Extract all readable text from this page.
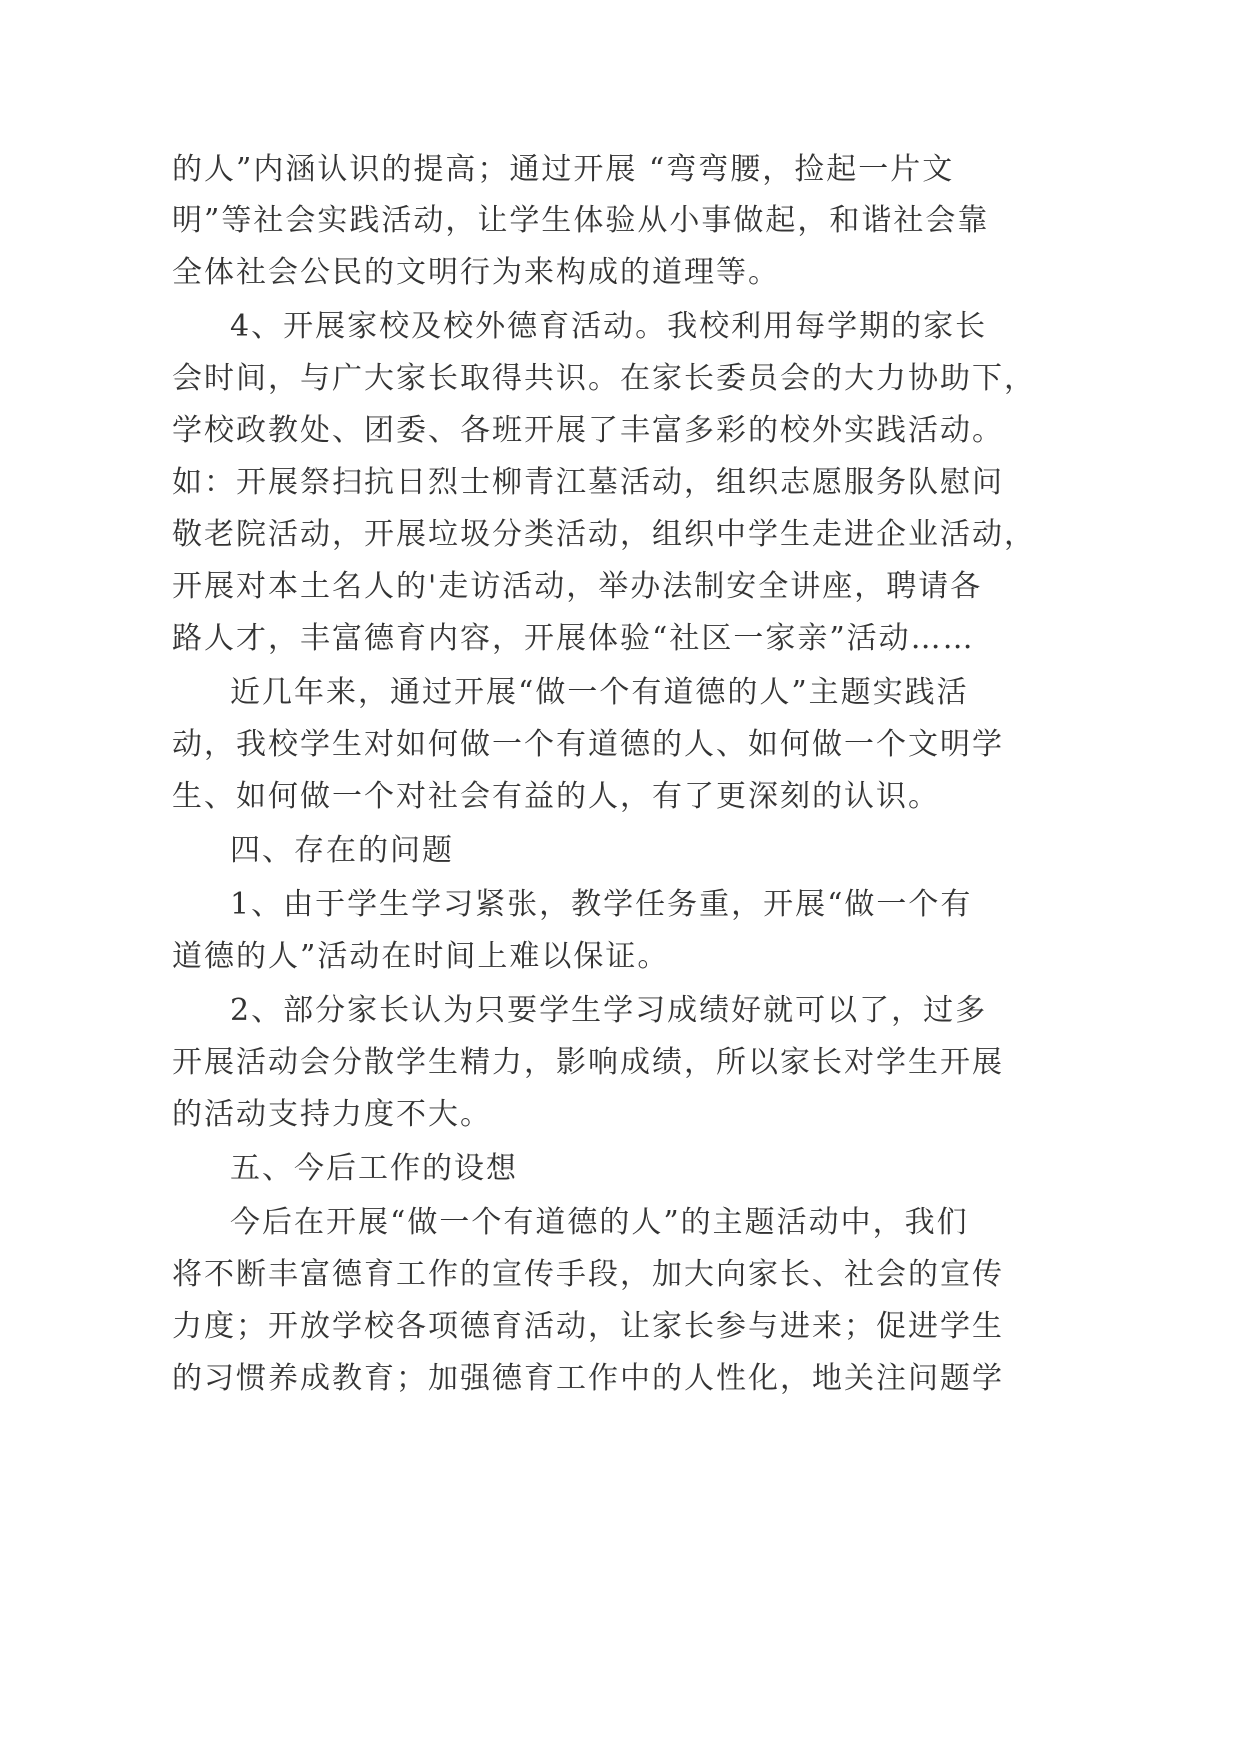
的人”内涵认识的提高；通过开展 “弯弯腰，捡起一片文
明”等社会实践活动，让学生体验从小事做起，和谐社会靠
全体社会公民的文明行为来构成的道理等。
4、开展家校及校外德育活动。我校利用每学期的家长
会时间，与广大家长取得共识。在家长委员会的大力协助下，
学校政教处、团委、各班开展了丰富多彩的校外实践活动。
如：开展祭扫抗日烈士柳青江墓活动，组织志愿服务队慰问
敬老院活动，开展垃圾分类活动，组织中学生走进企业活动，
开展对本土名人的'走访活动，举办法制安全讲座，聘请各
路人才，丰富德育内容，开展体验“社区一家亲”活动……
近几年来，通过开展“做一个有道德的人”主题实践活
动，我校学生对如何做一个有道德的人、如何做一个文明学
生、如何做一个对社会有益的人，有了更深刻的认识。
四、存在的问题
1、由于学生学习紧张，教学任务重，开展“做一个有
道德的人”活动在时间上难以保证。
2、部分家长认为只要学生学习成绩好就可以了，过多
开展活动会分散学生精力，影响成绩，所以家长对学生开展
的活动支持力度不大。
五、今后工作的设想
今后在开展“做一个有道德的人”的主题活动中，我们
将不断丰富德育工作的宣传手段，加大向家长、社会的宣传
力度；开放学校各项德育活动，让家长参与进来；促进学生
的习惯养成教育；加强德育工作中的人性化，地关注问题学
